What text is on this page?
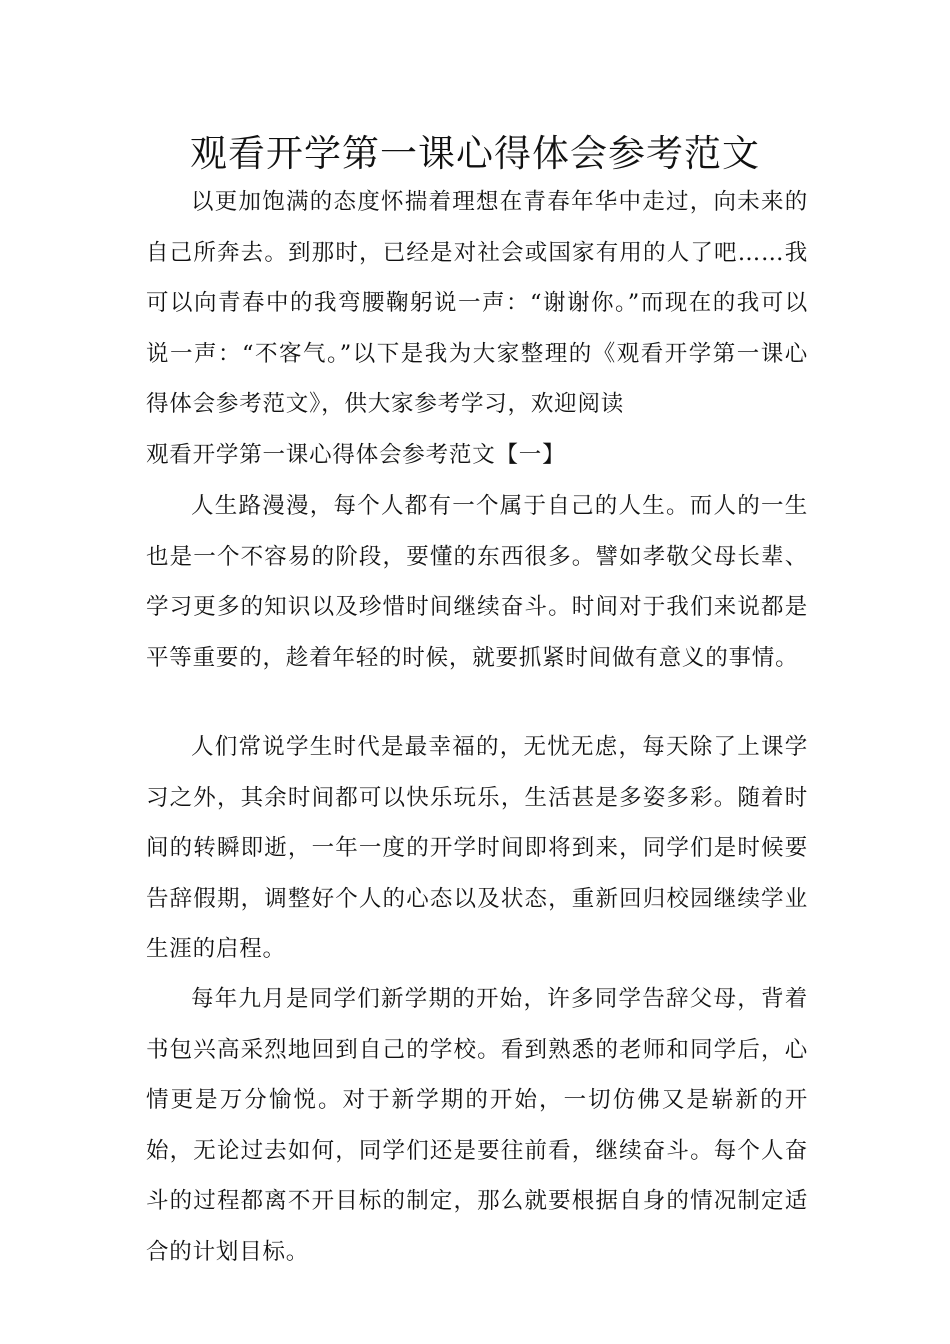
观看开学第一课心得体会参考范文

以更加饱满的态度怀揣着理想在青春年华中走过，向未来的自己所奔去。到那时，已经是对社会或国家有用的人了吧……我可以向青春中的我弯腰鞠躬说一声：“谢谢你。”而现在的我可以说一声：“不客气。”以下是我为大家整理的《观看开学第一课心得体会参考范文》，供大家参考学习，欢迎阅读

观看开学第一课心得体会参考范文【一】

人生路漫漫，每个人都有一个属于自己的人生。而人的一生也是一个不容易的阶段，要懂的东西很多。譬如孝敬父母长辈、学习更多的知识以及珍惜时间继续奋斗。时间对于我们来说都是平等重要的，趁着年轻的时候，就要抓紧时间做有意义的事情。

人们常说学生时代是最幸福的，无忧无虑，每天除了上课学习之外，其余时间都可以快乐玩乐，生活甚是多姿多彩。随着时间的转瞬即逝，一年一度的开学时间即将到来，同学们是时候要告辞假期，调整好个人的心态以及状态，重新回归校园继续学业生涯的启程。

每年九月是同学们新学期的开始，许多同学告辞父母，背着书包兴高采烈地回到自己的学校。看到熟悉的老师和同学后，心情更是万分愉悦。对于新学期的开始，一切仿佛又是崭新的开始，无论过去如何，同学们还是要往前看，继续奋斗。每个人奋斗的过程都离不开目标的制定，那么就要根据自身的情况制定适合的计划目标。
